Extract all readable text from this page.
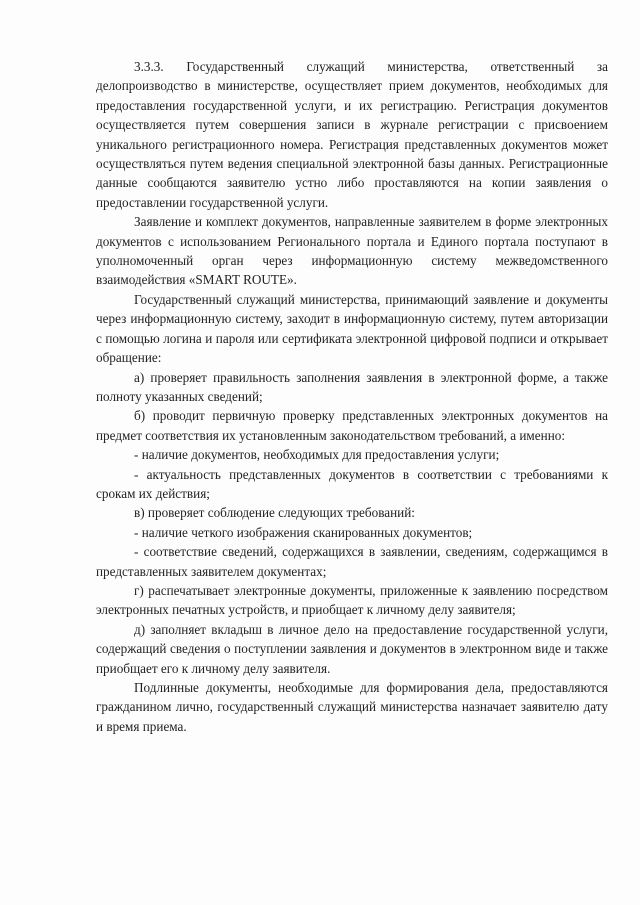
3.3.3. Государственный служащий министерства, ответственный за делопроизводство в министерстве, осуществляет прием документов, необходимых для предоставления государственной услуги, и их регистрацию. Регистрация документов осуществляется путем совершения записи в журнале регистрации с присвоением уникального регистрационного номера. Регистрация представленных документов может осуществляться путем ведения специальной электронной базы данных. Регистрационные данные сообщаются заявителю устно либо проставляются на копии заявления о предоставлении государственной услуги.

Заявление и комплект документов, направленные заявителем в форме электронных документов с использованием Регионального портала и Единого портала поступают в уполномоченный орган через информационную систему межведомственного взаимодействия «SMART ROUTE».

Государственный служащий министерства, принимающий заявление и документы через информационную систему, заходит в информационную систему, путем авторизации с помощью логина и пароля или сертификата электронной цифровой подписи и открывает обращение:

а) проверяет правильность заполнения заявления в электронной форме, а также полноту указанных сведений;

б) проводит первичную проверку представленных электронных документов на предмет соответствия их установленным законодательством требований, а именно:

- наличие документов, необходимых для предоставления услуги;

- актуальность представленных документов в соответствии с требованиями к срокам их действия;

в) проверяет соблюдение следующих требований:

- наличие четкого изображения сканированных документов;

- соответствие сведений, содержащихся в заявлении, сведениям, содержащимся в представленных заявителем документах;

г) распечатывает электронные документы, приложенные к заявлению посредством электронных печатных устройств, и приобщает к личному делу заявителя;

д) заполняет вкладыш в личное дело на предоставление государственной услуги, содержащий сведения о поступлении заявления и документов в электронном виде и также приобщает его к личному делу заявителя.

Подлинные документы, необходимые для формирования дела, предоставляются гражданином лично, государственный служащий министерства назначает заявителю дату и время приема.
